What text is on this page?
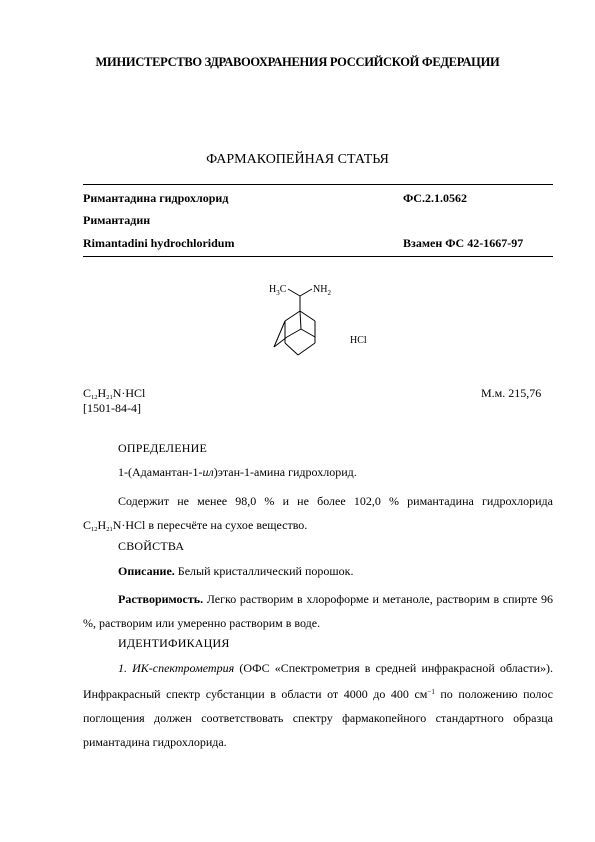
МИНИСТЕРСТВО ЗДРАВООХРАНЕНИЯ РОССИЙСКОЙ ФЕДЕРАЦИИ
ФАРМАКОПЕЙНАЯ СТАТЬЯ
Римантадина гидрохлорид	ФС.2.1.0562
Римантадин
Rimantadini hydrochloridum	Взамен ФС 42-1667-97
$H_3C$	$NH_2$
HCl
$C_{12}H_{21}N\cdot HCl$	М.м. 215,76
[1501-84-4]
ОПРЕДЕЛЕНИЕ
1-(Адамантан-1-ил)этан-1-амина гидрохлорид.
Содержит не менее 98,0 % и не более 102,0 % римантадина гидрохлорида $C_{12}H_{21}N\cdot HCl$ в пересчёте на сухое вещество.
СВОЙСТВА
Описание. Белый кристаллический порошок.
Растворимость. Легко растворим в хлороформе и метаноле, растворим в спирте 96 %, растворим или умеренно растворим в воде.
ИДЕНТИФИКАЦИЯ
1. ИК-спектрометрия (ОФС «Спектрометрия в средней инфракрасной области»). Инфракрасный спектр субстанции в области от 4000 до 400 $см^{-1}$ по положению полос поглощения должен соответствовать спектру фармакопейного стандартного образца римантадина гидрохлорида.
